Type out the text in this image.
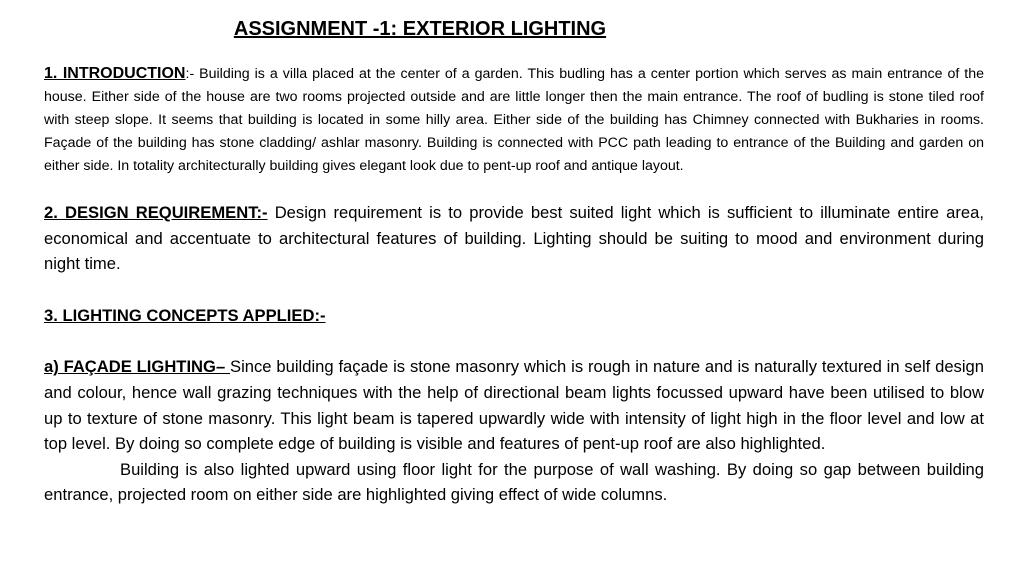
ASSIGNMENT -1: EXTERIOR LIGHTING

1. INTRODUCTION:- Building is a villa placed at the center of a garden. This budling has a center portion which serves as main entrance of the house. Either side of the house are two rooms projected outside and are little longer then the main entrance. The roof of budling is stone tiled roof with steep slope. It seems that building is located in some hilly area. Either side of the building has Chimney connected with Bukharies in rooms. Façade of the building has stone cladding/ ashlar masonry. Building is connected with PCC path leading to entrance of the Building and garden on either side. In totality architecturally building gives elegant look due to pent-up roof and antique layout.

2. DESIGN REQUIREMENT:- Design requirement is to provide best suited light which is sufficient to illuminate entire area, economical and accentuate to architectural features of building. Lighting should be suiting to mood and environment during night time.

3. LIGHTING CONCEPTS APPLIED:-

a) FAÇADE LIGHTING– Since building façade is stone masonry which is rough in nature and is naturally textured in self design and colour, hence wall grazing techniques with the help of directional beam lights focussed upward have been utilised to blow up to texture of stone masonry. This light beam is tapered upwardly wide with intensity of light high in the floor level and low at top level. By doing so complete edge of building is visible and features of pent-up roof are also highlighted.

Building is also lighted upward using floor light for the purpose of wall washing. By doing so gap between building entrance, projected room on either side are highlighted giving effect of wide columns.
